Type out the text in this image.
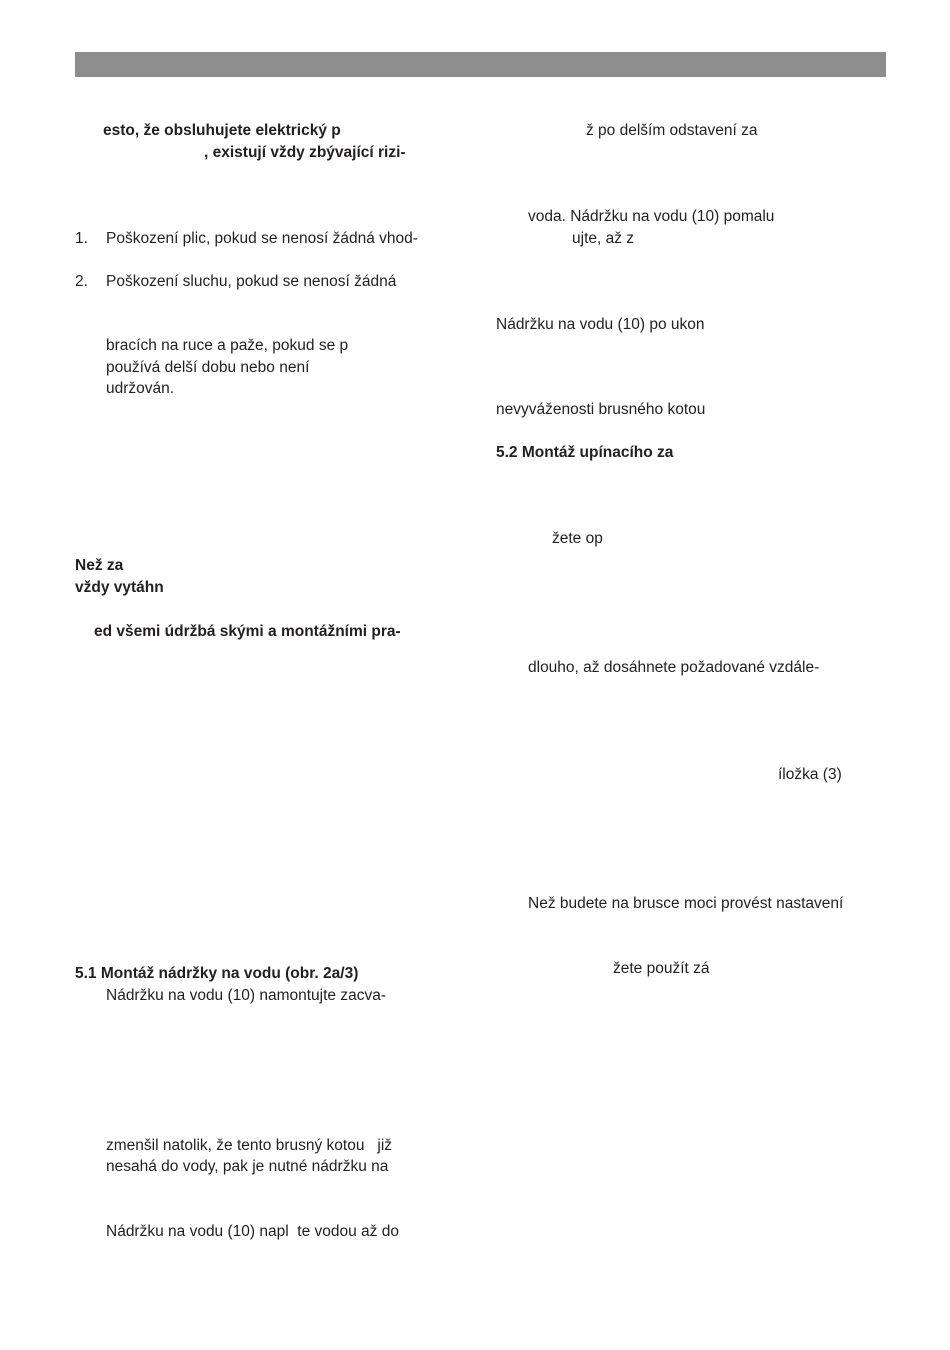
esto, že obsluhujete elektrický p
, existují vždy zbývající rizi-
1. Poškození plic, pokud se nenosí žádná vhod-
2. Poškození sluchu, pokud se nenosí žádná
bracích na ruce a paže, pokud se p
používá delší dobu nebo není
udržován.
Než za
vždy vytáhn
ed všemi údržbá skými a montážními pra-
5.1 Montáž nádržky na vodu (obr. 2a/3)
Nádržku na vodu (10) namontujte zacva-
zmenšil natolik, že tento brusný kotou   již
nesahá do vody, pak je nutné nádržku na
Nádržku na vodu (10) napl  te vodou až do
ž po delším odstavení za
voda. Nádržku na vodu (10) pomalu
ujte, až z
Nádržku na vodu (10) po ukon
nevyváženosti brusného kotou
5.2 Montáž upínacího za
žete op
dlouho, až dosáhnete požadované vzdále-
íložka (3)
Než budete na brusce moci provést nastavení
žete použít zá
